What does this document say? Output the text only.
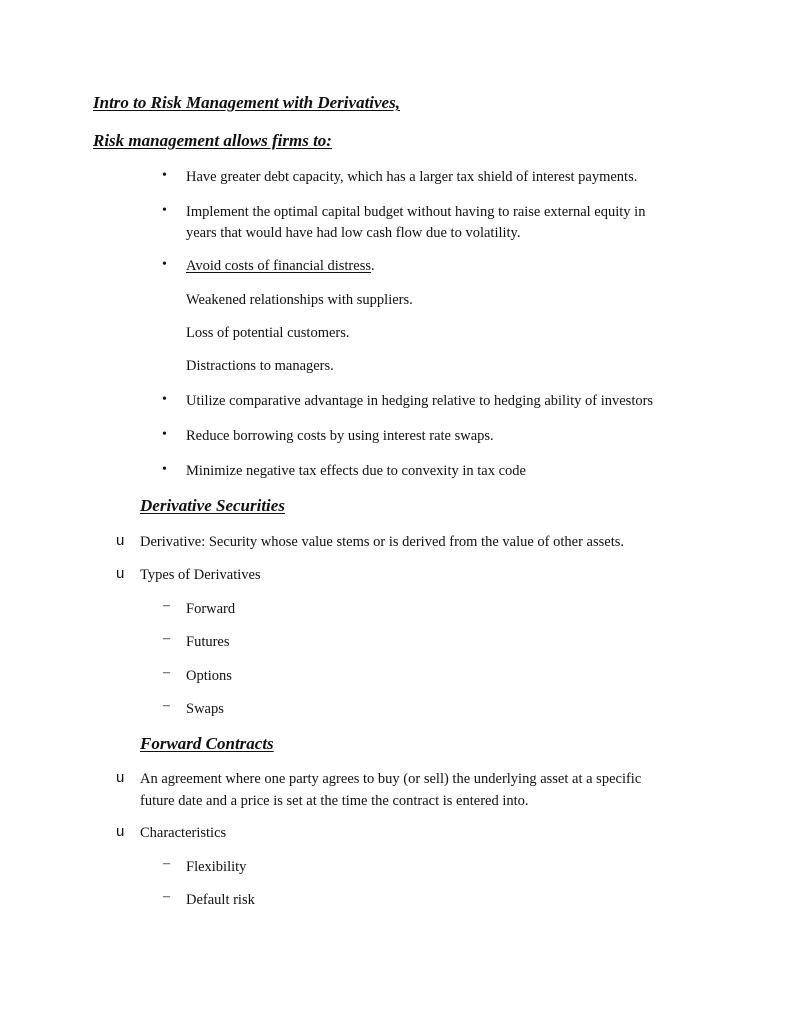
Intro to Risk Management with Derivatives,
Risk management allows firms to:
• Have greater debt capacity, which has a larger tax shield of interest payments.
• Implement the optimal capital budget without having to raise external equity in
years that would have had low cash flow due to volatility.
• Avoid costs of financial distress.
Weakened relationships with suppliers.
Loss of potential customers.
Distractions to managers.
• Utilize comparative advantage in hedging relative to hedging ability of investors
• Reduce borrowing costs by using interest rate swaps.
• Minimize negative tax effects due to convexity in tax code
Derivative Securities
u Derivative: Security whose value stems or is derived from the value of other assets.
u Types of Derivatives
– Forward
– Futures
– Options
– Swaps
Forward Contracts
u An agreement where one party agrees to buy (or sell) the underlying asset at a specific
future date and a price is set at the time the contract is entered into.
u Characteristics
– Flexibility
– Default risk
